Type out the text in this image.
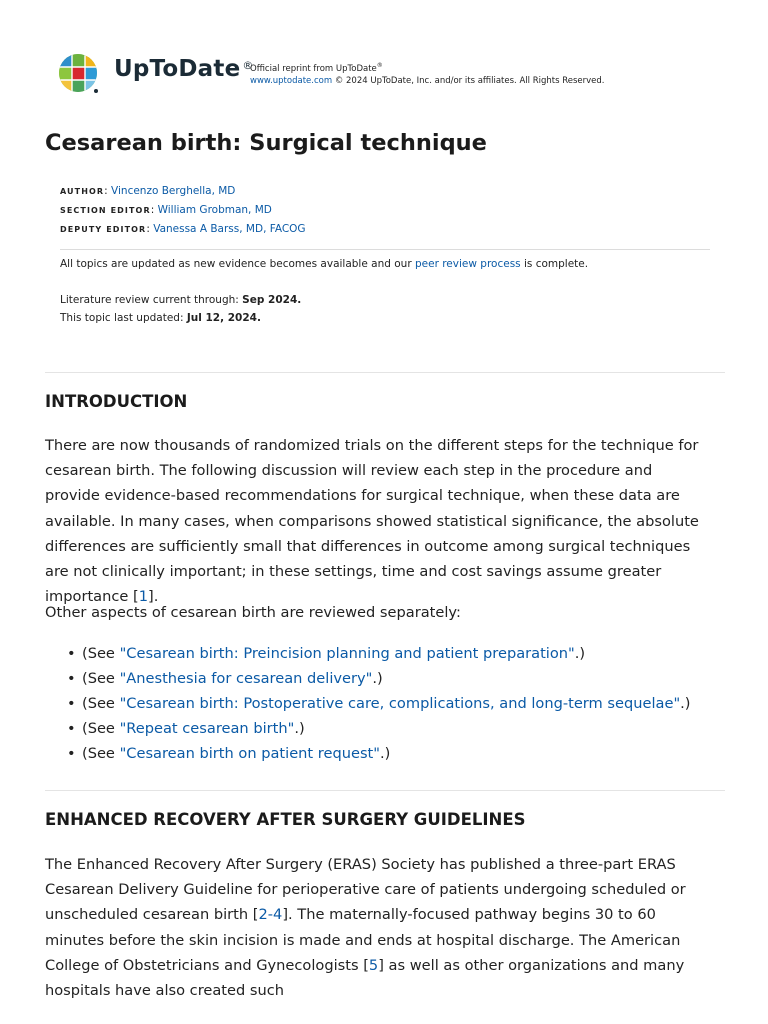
UpToDate ®
Official reprint from UpToDate®
www.uptodate.com © 2024 UpToDate, Inc. and/or its affiliates. All Rights Reserved.
Cesarean birth: Surgical technique
AUTHOR: Vincenzo Berghella, MD
SECTION EDITOR: William Grobman, MD
DEPUTY EDITOR: Vanessa A Barss, MD, FACOG
All topics are updated as new evidence becomes available and our peer review process is complete.
Literature review current through: Sep 2024.
This topic last updated: Jul 12, 2024.
INTRODUCTION

There are now thousands of randomized trials on the different steps for the technique for cesarean birth. The following discussion will review each step in the procedure and provide evidence-based recommendations for surgical technique, when these data are available. In many cases, when comparisons showed statistical significance, the absolute differences are sufficiently small that differences in outcome among surgical techniques are not clinically important; in these settings, time and cost savings assume greater importance [1].

Other aspects of cesarean birth are reviewed separately:

• (See "Cesarean birth: Preincision planning and patient preparation".)
• (See "Anesthesia for cesarean delivery".)
• (See "Cesarean birth: Postoperative care, complications, and long-term sequelae".)
• (See "Repeat cesarean birth".)
• (See "Cesarean birth on patient request".)
ENHANCED RECOVERY AFTER SURGERY GUIDELINES

The Enhanced Recovery After Surgery (ERAS) Society has published a three-part ERAS Cesarean Delivery Guideline for perioperative care of patients undergoing scheduled or unscheduled cesarean birth [2-4]. The maternally-focused pathway begins 30 to 60 minutes before the skin incision is made and ends at hospital discharge. The American College of Obstetricians and Gynecologists [5] as well as other organizations and many hospitals have also created such
